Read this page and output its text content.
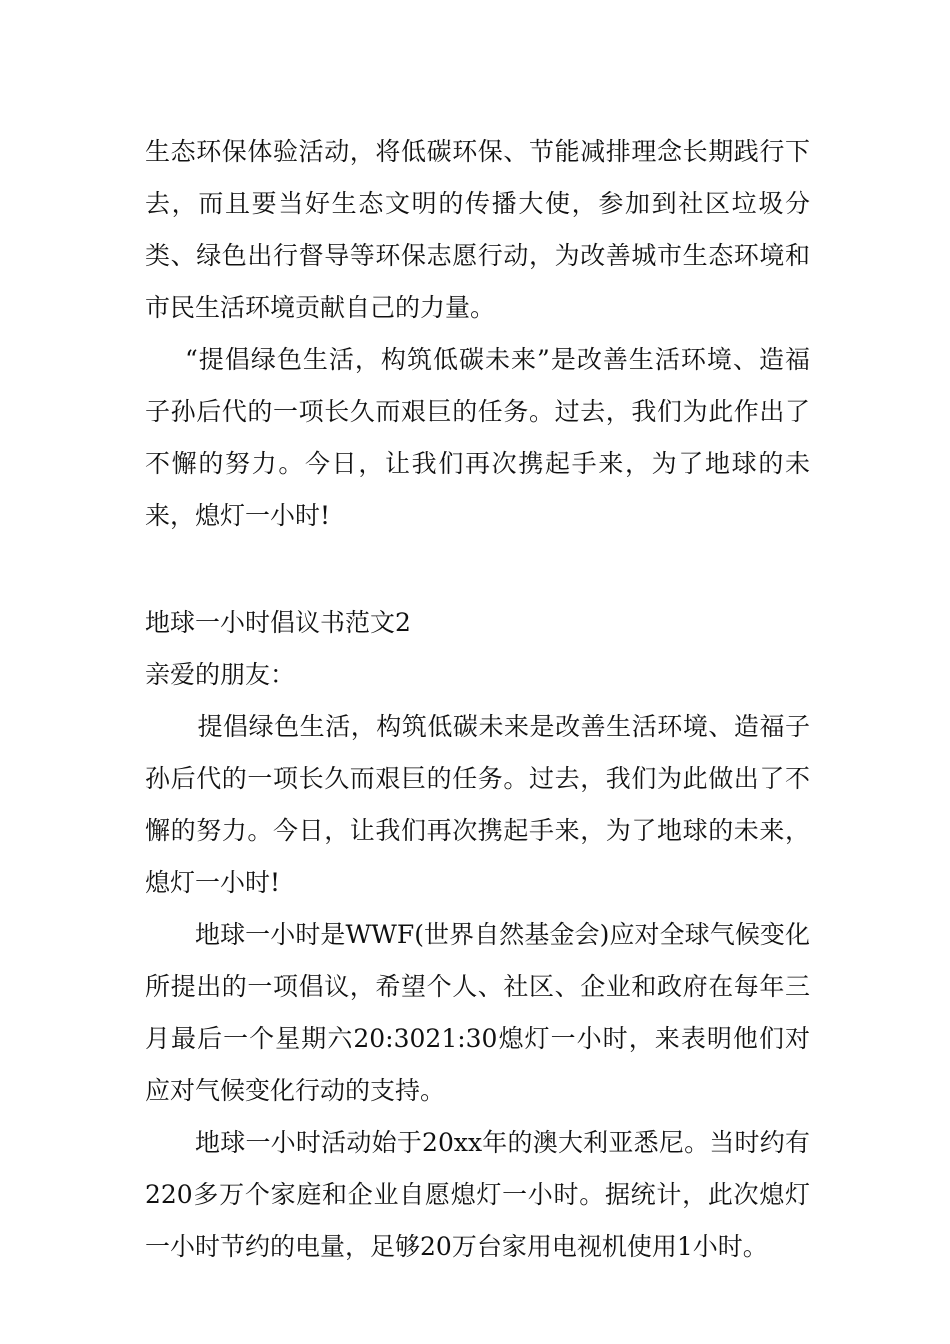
生态环保体验活动，将低碳环保、节能减排理念长期践行下去，而且要当好生态文明的传播大使，参加到社区垃圾分类、绿色出行督导等环保志愿行动，为改善城市生态环境和市民生活环境贡献自己的力量。

“提倡绿色生活，构筑低碳未来”是改善生活环境、造福子孙后代的一项长久而艰巨的任务。过去，我们为此作出了不懈的努力。今日，让我们再次携起手来，为了地球的未来，熄灯一小时!

地球一小时倡议书范文2

亲爱的朋友：

提倡绿色生活，构筑低碳未来是改善生活环境、造福子孙后代的一项长久而艰巨的任务。过去，我们为此做出了不懈的努力。今日，让我们再次携起手来，为了地球的未来，熄灯一小时!

地球一小时是WWF(世界自然基金会)应对全球气候变化所提出的一项倡议，希望个人、社区、企业和政府在每年三月最后一个星期六20:3021:30熄灯一小时，来表明他们对应对气候变化行动的支持。

地球一小时活动始于20xx年的澳大利亚悉尼。当时约有220多万个家庭和企业自愿熄灯一小时。据统计，此次熄灯一小时节约的电量，足够20万台家用电视机使用1小时。
